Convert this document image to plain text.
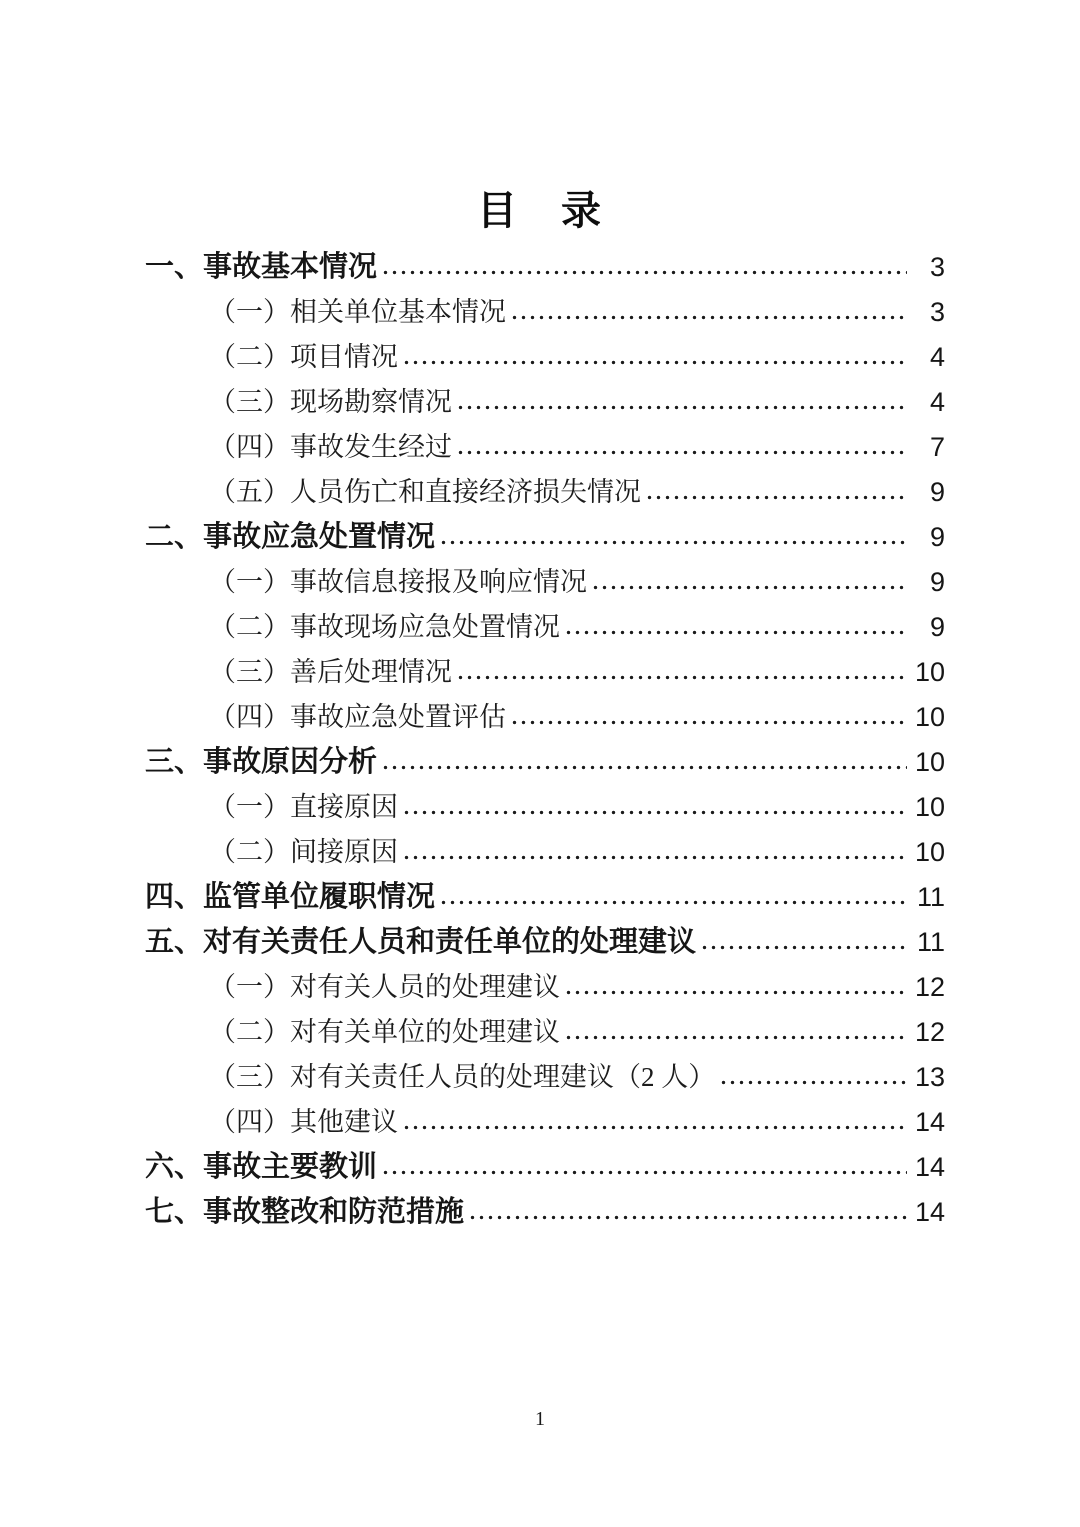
目　录
一、事故基本情况	3
（一）相关单位基本情况	3
（二）项目情况	4
（三）现场勘察情况	4
（四）事故发生经过	7
（五）人员伤亡和直接经济损失情况	9
二、事故应急处置情况	9
（一）事故信息接报及响应情况	9
（二）事故现场应急处置情况	9
（三）善后处理情况	10
（四）事故应急处置评估	10
三、事故原因分析	10
（一）直接原因	10
（二）间接原因	10
四、监管单位履职情况	11
五、对有关责任人员和责任单位的处理建议	11
（一）对有关人员的处理建议	12
（二）对有关单位的处理建议	12
（三）对有关责任人员的处理建议（2 人）	13
（四）其他建议	14
六、事故主要教训	14
七、事故整改和防范措施	14
1
